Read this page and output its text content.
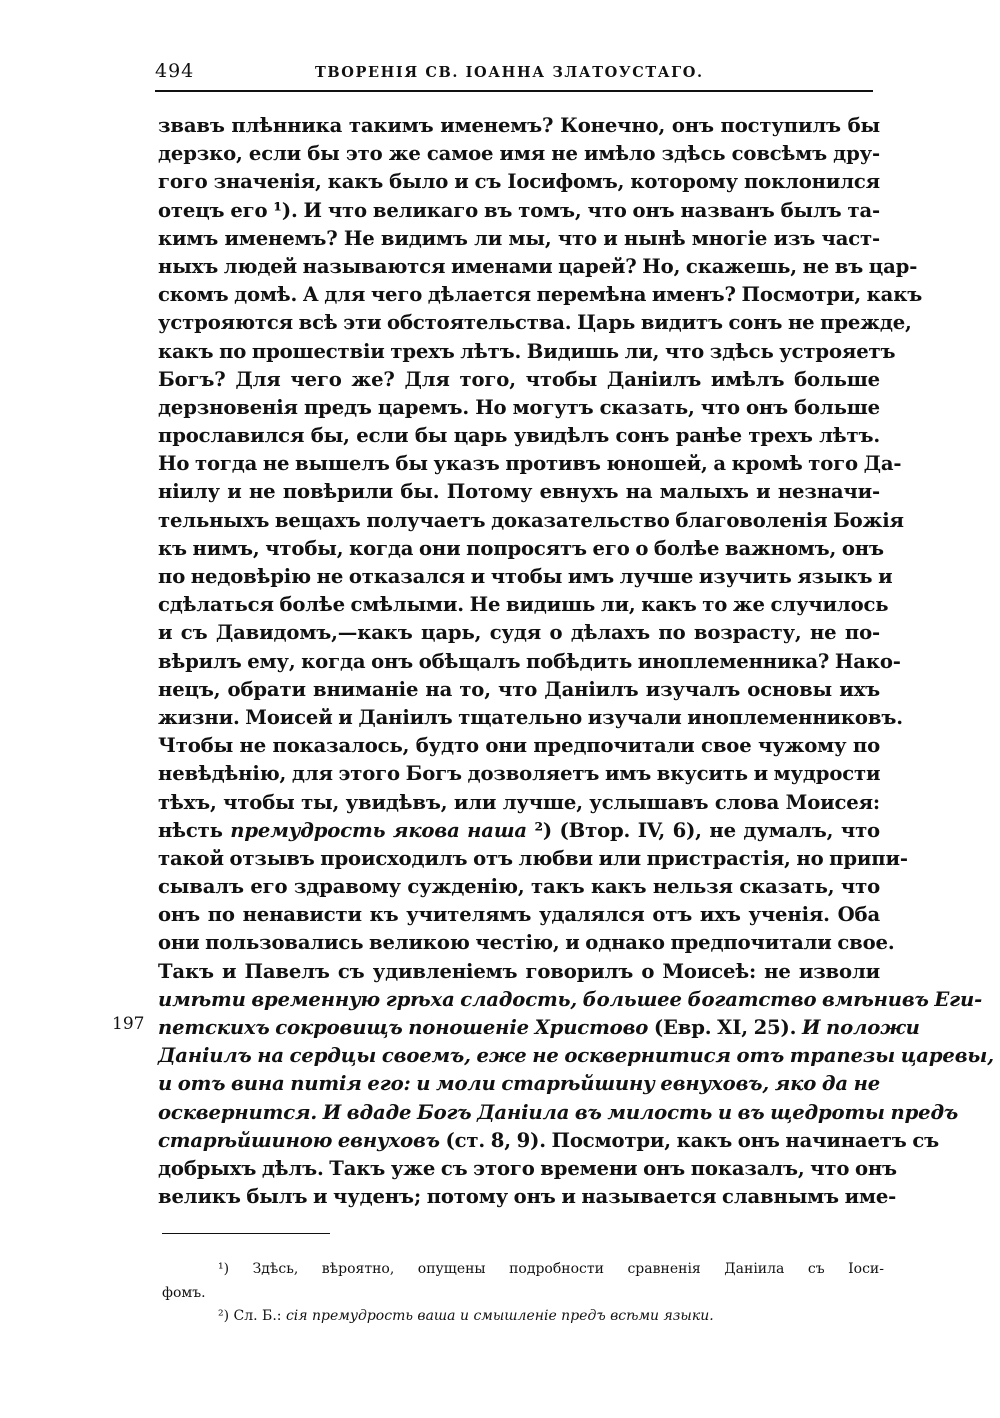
494	ТВОРЕНІЯ СВ. ІОАННА ЗЛАТОУСТАГО.
звавъ плѣнника такимъ именемъ? Конечно, онъ поступилъ бы
дерзко, если бы это же самое имя не имѣло здѣсь совсѣмъ дру-
гого значенія, какъ было и съ Іосифомъ, которому поклонился
отецъ его ¹). И что великаго въ томъ, что онъ названъ былъ та-
кимъ именемъ? Не видимъ ли мы, что и нынѣ многіе изъ част-
ныхъ людей называются именами царей? Но, скажешь, не въ цар-
скомъ домѣ. А для чего дѣлается перемѣна именъ? Посмотри, какъ
устрояются всѣ эти обстоятельства. Царь видитъ сонъ не прежде,
какъ по прошествіи трехъ лѣтъ. Видишь ли, что здѣсь устрояетъ
Богъ? Для чего же? Для того, чтобы Даніилъ имѣлъ больше
дерзновенія предъ царемъ. Но могутъ сказать, что онъ больше
прославился бы, если бы царь увидѣлъ сонъ ранѣе трехъ лѣтъ.
Но тогда не вышелъ бы указъ противъ юношей, а кромѣ того Да-
ніилу и не повѣрили бы. Потому евнухъ на малыхъ и незначи-
тельныхъ вещахъ получаетъ доказательство благоволенія Божія
къ нимъ, чтобы, когда они попросятъ его о болѣе важномъ, онъ
по недовѣрію не отказался и чтобы имъ лучше изучить языкъ и
сдѣлаться болѣе смѣлыми. Не видишь ли, какъ то же случилось
и съ Давидомъ,—какъ царь, судя о дѣлахъ по возрасту, не по-
вѣрилъ ему, когда онъ обѣщалъ побѣдить иноплеменника? Нако-
нецъ, обрати вниманіе на то, что Даніилъ изучалъ основы ихъ
жизни. Моисей и Даніилъ тщательно изучали иноплеменниковъ.
Чтобы не показалось, будто они предпочитали свое чужому по
невѣдѣнію, для этого Богъ дозволяетъ имъ вкусить и мудрости
тѣхъ, чтобы ты, увидѣвъ, или лучше, услышавъ слова Моисея:
нѣсть премудрость якова наша ²) (Втор. IV, 6), не думалъ, что
такой отзывъ происходилъ отъ любви или пристрастія, но припи-
сывалъ его здравому сужденію, такъ какъ нельзя сказать, что
онъ по ненависти къ учителямъ удалялся отъ ихъ ученія. Оба
они пользовались великою честію, и однако предпочитали свое.
Такъ и Павелъ съ удивленіемъ говорилъ о Моисеѣ: не изволи
имѣти временную грѣха сладость, большее богатство вмѣнивъ Еги-
петскихъ сокровищъ поношеніе Христово (Евр. XI, 25). И положи
Даніилъ на сердцы своемъ, еже не осквернитися отъ трапезы царевы,
и отъ вина питія его: и моли старѣйшину евнуховъ, яко да не
осквернится. И вдаде Богъ Даніила въ милость и въ щедроты предъ
старѣйшиною евнуховъ (ст. 8, 9). Посмотри, какъ онъ начинаетъ съ
добрыхъ дѣлъ. Такъ уже съ этого времени онъ показалъ, что онъ
великъ былъ и чуденъ; потому онъ и называется славнымъ име-
197
¹) Здѣсь, вѣроятно, опущены подробности сравненія Даніила съ Іоси-
фомъ.
²) Сл. Б.: сія премудрость ваша и смышленіе предъ всѣми языки.
